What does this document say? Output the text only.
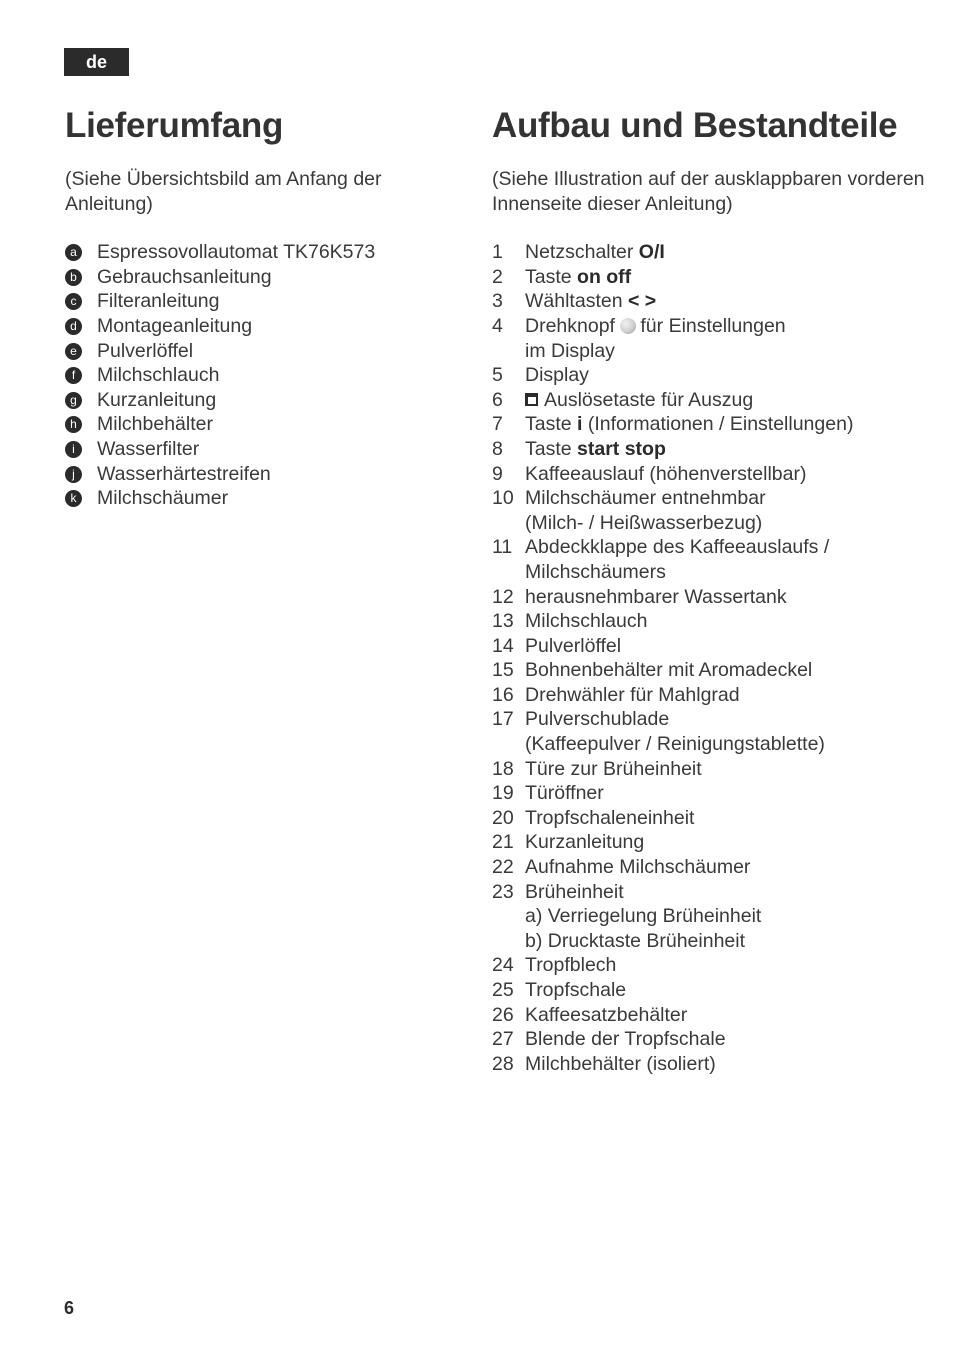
de
Lieferumfang

(Siehe Übersichtsbild am Anfang der Anleitung)

a Espressovollautomat TK76K573
b Gebrauchsanleitung
c Filteranleitung
d Montageanleitung
e Pulverlöffel
f	Milchschlauch
g Kurzanleitung
h Milchbehälter
i	Wasserfilter
j	Wasserhärtestreifen
k Milchschäumer
Aufbau und Bestandteile

(Siehe Illustration auf der ausklappbaren vorderen Innenseite dieser Anleitung)

1	Netzschalter O/I
2	Taste on off
3	Wähltasten < >
4	Drehknopf für Einstellungen
im Display
5	Display
6	Auslösetaste für Auszug
7	Taste i (Informationen / Einstellungen)
8	Taste start stop
9	Kaffeeauslauf (höhenverstellbar)
10 Milchschäumer entnehmbar
(Milch- / Heißwasserbezug)
11 Abdeckklappe des Kaffeeauslaufs /
Milchschäumers
12 herausnehmbarer Wassertank
13 Milchschlauch
14 Pulverlöffel
15 Bohnenbehälter mit Aromadeckel
16 Drehwähler für Mahlgrad
17 Pulverschublade
(Kaffeepulver / Reinigungstablette)
18 Türe zur Brüheinheit
19 Türöffner
20 Tropfschaleneinheit
21 Kurzanleitung
22 Aufnahme Milchschäumer
23 Brüheinheit
a) Verriegelung Brüheinheit
b) Drucktaste Brüheinheit
24 Tropfblech
25 Tropfschale
26 Kaffeesatzbehälter
27 Blende der Tropfschale
28 Milchbehälter (isoliert)
6
